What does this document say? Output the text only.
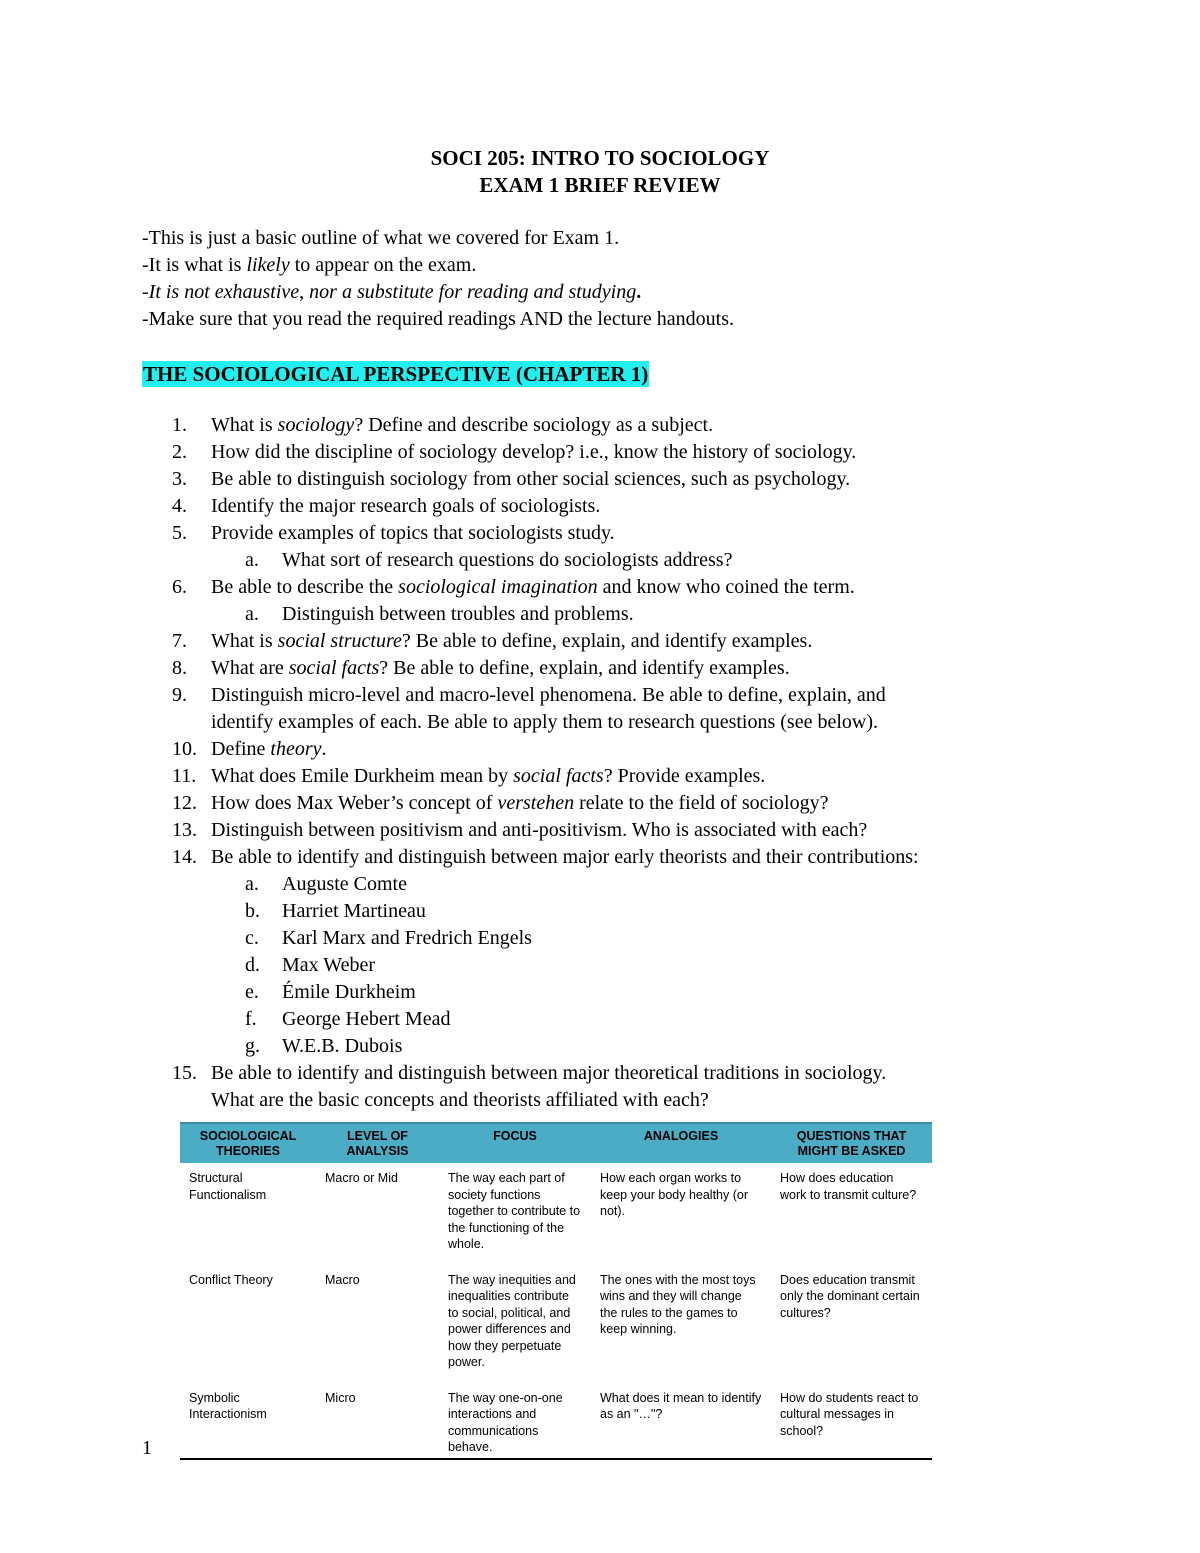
SOCI 205: INTRO TO SOCIOLOGY
EXAM 1 BRIEF REVIEW
-This is just a basic outline of what we covered for Exam 1.
-It is what is likely to appear on the exam.
-It is not exhaustive, nor a substitute for reading and studying.
-Make sure that you read the required readings AND the lecture handouts.
THE SOCIOLOGICAL PERSPECTIVE (CHAPTER 1)
1. What is sociology? Define and describe sociology as a subject.
2. How did the discipline of sociology develop? i.e., know the history of sociology.
3. Be able to distinguish sociology from other social sciences, such as psychology.
4. Identify the major research goals of sociologists.
5. Provide examples of topics that sociologists study.
a. What sort of research questions do sociologists address?
6. Be able to describe the sociological imagination and know who coined the term.
a. Distinguish between troubles and problems.
7. What is social structure? Be able to define, explain, and identify examples.
8. What are social facts? Be able to define, explain, and identify examples.
9. Distinguish micro-level and macro-level phenomena. Be able to define, explain, and
identify examples of each. Be able to apply them to research questions (see below).
10. Define theory.
11. What does Emile Durkheim mean by social facts? Provide examples.
12. How does Max Weber’s concept of verstehen relate to the field of sociology?
13. Distinguish between positivism and anti-positivism. Who is associated with each?
14. Be able to identify and distinguish between major early theorists and their contributions:
a. Auguste Comte
b. Harriet Martineau
c. Karl Marx and Fredrich Engels
d. Max Weber
e. Émile Durkheim
f. George Hebert Mead
g. W.E.B. Dubois
15. Be able to identify and distinguish between major theoretical traditions in sociology.
What are the basic concepts and theorists affiliated with each?
SOCIOLOGICAL THEORIES	LEVEL OF ANALYSIS	FOCUS	ANALOGIES	QUESTIONS THAT MIGHT BE ASKED
Structural Functionalism	Macro or Mid	The way each part of society functions together to contribute to the functioning of the whole.	How each organ works to keep your body healthy (or not).	How does education work to transmit culture?
Conflict Theory	Macro	The way inequities and inequalities contribute to social, political, and power differences and how they perpetuate power.	The ones with the most toys wins and they will change the rules to the games to keep winning.	Does education transmit only the dominant certain cultures?
Symbolic Interactionism	Micro	The way one-on-one interactions and communications behave.	What does it mean to identify as an "…"?	How do students react to cultural messages in school?
1
